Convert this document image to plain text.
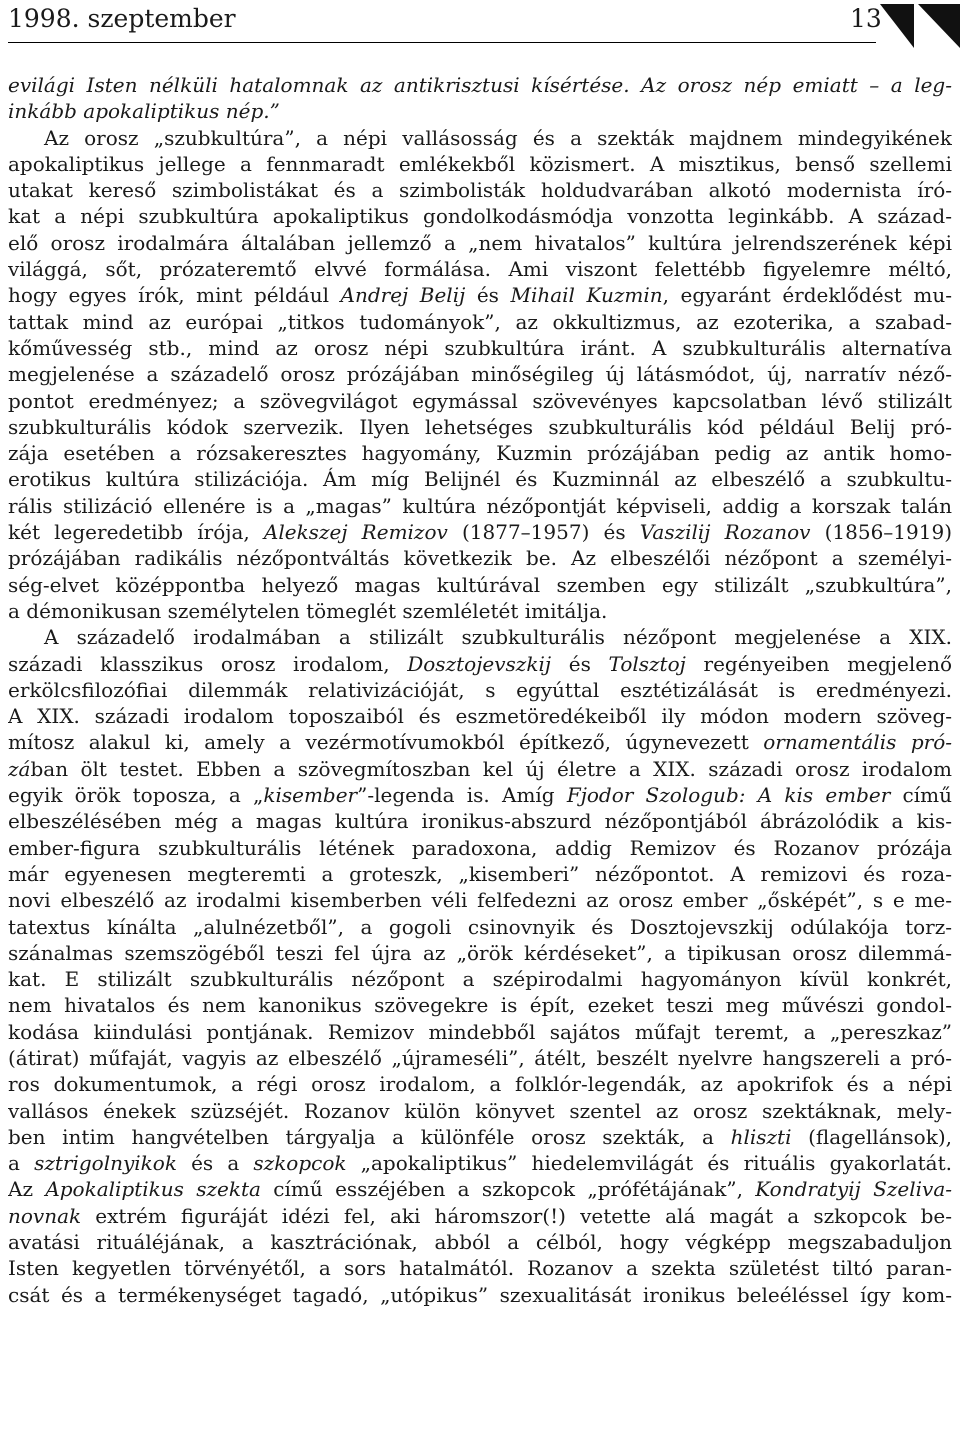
1998. szeptember	13
evilági Isten nélküli hatalomnak az antikrisztusi kísértése. Az orosz nép emiatt – a leg-
inkább apokaliptikus nép.”
Az orosz „szubkultúra”, a népi vallásosság és a szekták majdnem mindegyikének
apokaliptikus jellege a fennmaradt emlékekből közismert. A misztikus, benső szellemi
utakat kereső szimbolistákat és a szimbolisták holdudvarában alkotó modernista író-
kat a népi szubkultúra apokaliptikus gondolkodásmódja vonzotta leginkább. A század-
elő orosz irodalmára általában jellemző a „nem hivatalos” kultúra jelrendszerének képi
világgá, sőt, prózateremtő elvvé formálása. Ami viszont felettébb figyelemre méltó,
hogy egyes írók, mint például Andrej Belij és Mihail Kuzmin, egyaránt érdeklődést mu-
tattak mind az európai „titkos tudományok”, az okkultizmus, az ezoterika, a szabad-
kőművesség stb., mind az orosz népi szubkultúra iránt. A szubkulturális alternatíva
megjelenése a századelő orosz prózájában minőségileg új látásmódot, új, narratív néző-
pontot eredményez; a szövegvilágot egymással szövevényes kapcsolatban lévő stilizált
szubkulturális kódok szervezik. Ilyen lehetséges szubkulturális kód például Belij pró-
zája esetében a rózsakeresztes hagyomány, Kuzmin prózájában pedig az antik homo-
erotikus kultúra stilizációja. Ám míg Belijnél és Kuzminnál az elbeszélő a szubkultu-
rális stilizáció ellenére is a „magas” kultúra nézőpontját képviseli, addig a korszak talán
két legeredetibb írója, Alekszej Remizov (1877–1957) és Vaszilij Rozanov (1856–1919)
prózájában radikális nézőpontváltás következik be. Az elbeszélői nézőpont a személyi-
ség-elvet középpontba helyező magas kultúrával szemben egy stilizált „szubkultúra”,
a démonikusan személytelen tömeglét szemléletét imitálja.
A századelő irodalmában a stilizált szubkulturális nézőpont megjelenése a XIX.
századi klasszikus orosz irodalom, Dosztojevszkij és Tolsztoj regényeiben megjelenő
erkölcsfilozófiai dilemmák relativizációját, s egyúttal esztétizálását is eredményezi.
A XIX. századi irodalom toposzaiból és eszmetöredékeiből ily módon modern szöveg-
mítosz alakul ki, amely a vezérmotívumokból építkező, úgynevezett ornamentális pró-
zában ölt testet. Ebben a szövegmítoszban kel új életre a XIX. századi orosz irodalom
egyik örök toposza, a „kisember”-legenda is. Amíg Fjodor Szologub: A kis ember című
elbeszélésében még a magas kultúra ironikus-abszurd nézőpontjából ábrázolódik a kis-
ember-figura szubkulturális létének paradoxona, addig Remizov és Rozanov prózája
már egyenesen megteremti a groteszk, „kisemberi” nézőpontot. A remizovi és roza-
novi elbeszélő az irodalmi kisemberben véli felfedezni az orosz ember „ősképét”, s e me-
tatextus kínálta „alulnézetből”, a gogoli csinovnyik és Dosztojevszkij odúlakója torz-
szánalmas szemszögéből teszi fel újra az „örök kérdéseket”, a tipikusan orosz dilemmá-
kat. E stilizált szubkulturális nézőpont a szépirodalmi hagyományon kívül konkrét,
nem hivatalos és nem kanonikus szövegekre is épít, ezeket teszi meg művészi gondol-
kodása kiindulási pontjának. Remizov mindebből sajátos műfajt teremt, a „pereszkaz”
(átirat) műfaját, vagyis az elbeszélő „újrameséli”, átélt, beszélt nyelvre hangszereli a pró-
ros dokumentumok, a régi orosz irodalom, a folklór-legendák, az apokrifok és a népi
vallásos énekek szüzséjét. Rozanov külön könyvet szentel az orosz szektáknak, mely-
ben intim hangvételben tárgyalja a különféle orosz szekták, a hliszti (flagellánsok),
a sztrigolnyikok és a szkopcok „apokaliptikus” hiedelemvilágát és rituális gyakorlatát.
Az Apokaliptikus szekta című esszéjében a szkopcok „prófétájának”, Kondratyij Szeliva-
novnak extrém figuráját idézi fel, aki háromszor(!) vetette alá magát a szkopcok be-
avatási rituáléjának, a kasztrációnak, abból a célból, hogy végképp megszabaduljon
Isten kegyetlen törvényétől, a sors hatalmától. Rozanov a szekta születést tiltó paran-
csát és a termékenységet tagadó, „utópikus” szexualitását ironikus beleéléssel így kom-
